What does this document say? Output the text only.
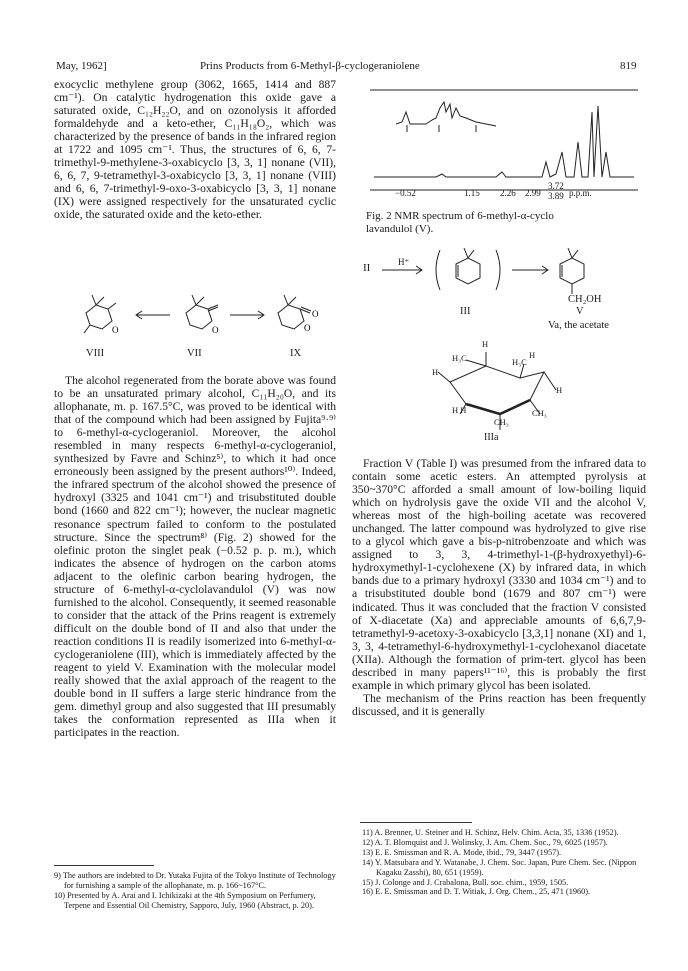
May, 1962]	Prins Products from 6-Methyl-β-cyclogeraniolene	819

exocyclic methylene group (3062, 1665, 1414 and 887 cm⁻¹). On catalytic hydrogenation this oxide gave a saturated oxide, C₁₂H₂₂O, and on ozonolysis it afforded formaldehyde and a keto-ether, C₁₁H₁₈O₂, which was characterized by the presence of bands in the infrared region at 1722 and 1095 cm⁻¹. Thus, the structures of 6, 6, 7-trimethyl-9-methylene-3-oxabicyclo [3, 3, 1] nonane (VII), 6, 6, 7, 9-tetramethyl-3-oxabicyclo [3, 3, 1] nonane (VIII) and 6, 6, 7-trimethyl-9-oxo-3-oxabicyclo [3, 3, 1] nonane (IX) were assigned respectively for the unsaturated cyclic oxide, the saturated oxide and the keto-ether.

O	O
O
O
VIII	VII	IX

The alcohol regenerated from the borate above was found to be an unsaturated primary alcohol, C₁₁H₂₀O, and its allophanate, m. p. 167.5°C, was proved to be identical with that of the compound which had been assigned by Fujita⁹·⁹⁾ to 6-methyl-α-cyclogeraniol. Moreover, the alcohol resembled in many respects 6-methyl-α-cyclogeraniol, synthesized by Favre and Schinz⁵⁾, to which it had once erroneously been assigned by the present authors¹⁰⁾. Indeed, the infrared spectrum of the alcohol showed the presence of hydroxyl (3325 and 1041 cm⁻¹) and trisubstituted double bond (1660 and 822 cm⁻¹); however, the nuclear magnetic resonance spectrum failed to conform to the postulated structure. Since the spectrum⁸⁾ (Fig. 2) showed for the olefinic proton the singlet peak (−0.52 p. p. m.), which indicates the absence of hydrogen on the carbon atoms adjacent to the olefinic carbon bearing hydrogen, the structure of 6-methyl-α-cyclolavandulol (V) was now furnished to the alcohol. Consequently, it seemed reasonable to consider that the attack of the Prins reagent is extremely difficult on the double bond of II and also that under the reaction conditions II is readily isomerized into 6-methyl-α-cyclogeraniolene (III), which is immediately affected by the reagent to yield V. Examination with the molecular model really showed that the axial approach of the reagent to the double bond in II suffers a large steric hindrance from the gem. dimethyl group and also suggested that III presumably takes the conformation represented as IIIa when it participates in the reaction.

9) The authors are indebted to Dr. Yutaka Fujita of the Tokyo Institute of Technology for furnishing a sample of the allophanate, m. p. 166~167°C.

10) Presented by A. Arai and I. Ichikizaki at the 4th Symposium on Perfumery, Terpene and Essential Oil Chemistry, Sapporo, July, 1960 (Abstract, p. 20).

−0.52	1.15 2.26 2.99
3.72
3.89 p.p.m.
Fig. 2 NMR spectrum of 6-methyl-α-cyclo lavandulol (V).
II	H⁺
CH₂OH
III	V
Va, the acetate
H
H₃C	H₃C
H
H
H
H H
CH₃
CH₃
IIIa

Fraction V (Table I) was presumed from the infrared data to contain some acetic esters. An attempted pyrolysis at 350~370°C afforded a small amount of low-boiling liquid which on hydrolysis gave the oxide VII and the alcohol V, whereas most of the high-boiling acetate was recovered unchanged. The latter compound was hydrolyzed to give rise to a glycol which gave a bis-p-nitrobenzoate and which was assigned to 3, 3, 4-trimethyl-1-(β-hydroxyethyl)-6-hydroxymethyl-1-cyclohexene (X) by infrared data, in which bands due to a primary hydroxyl (3330 and 1034 cm⁻¹) and to a trisubstituted double bond (1679 and 807 cm⁻¹) were indicated. Thus it was concluded that the fraction V consisted of X-diacetate (Xa) and appreciable amounts of 6,6,7,9-tetramethyl-9-acetoxy-3-oxabicyclo [3,3,1] nonane (XI) and 1, 3, 3, 4-tetramethyl-6-hydroxymethyl-1-cyclohexanol diacetate (XIIa). Although the formation of prim-tert. glycol has been described in many papers¹¹⁻¹⁶⁾, this is probably the first example in which primary glycol has been isolated.

The mechanism of the Prins reaction has been frequently discussed, and it is generally

11) A. Brenner, U. Steiner and H. Schinz, Helv. Chim. Acta, 35, 1336 (1952).

12) A. T. Blomquist and J. Wolinsky, J. Am. Chem. Soc., 79, 6025 (1957).

13) E. E. Smissman and R. A. Mode, ibid., 79, 3447 (1957).

14) Y. Matsubara and Y. Watanabe, J. Chem. Soc. Japan, Pure Chem. Sec. (Nippon Kagaku Zasshi), 80, 651 (1959).

15) J. Colonge and J. Crabalona, Bull. soc. chim., 1959, 1505.

16) E. E. Smissman and D. T. Witiak, J. Org. Chem., 25, 471 (1960).
